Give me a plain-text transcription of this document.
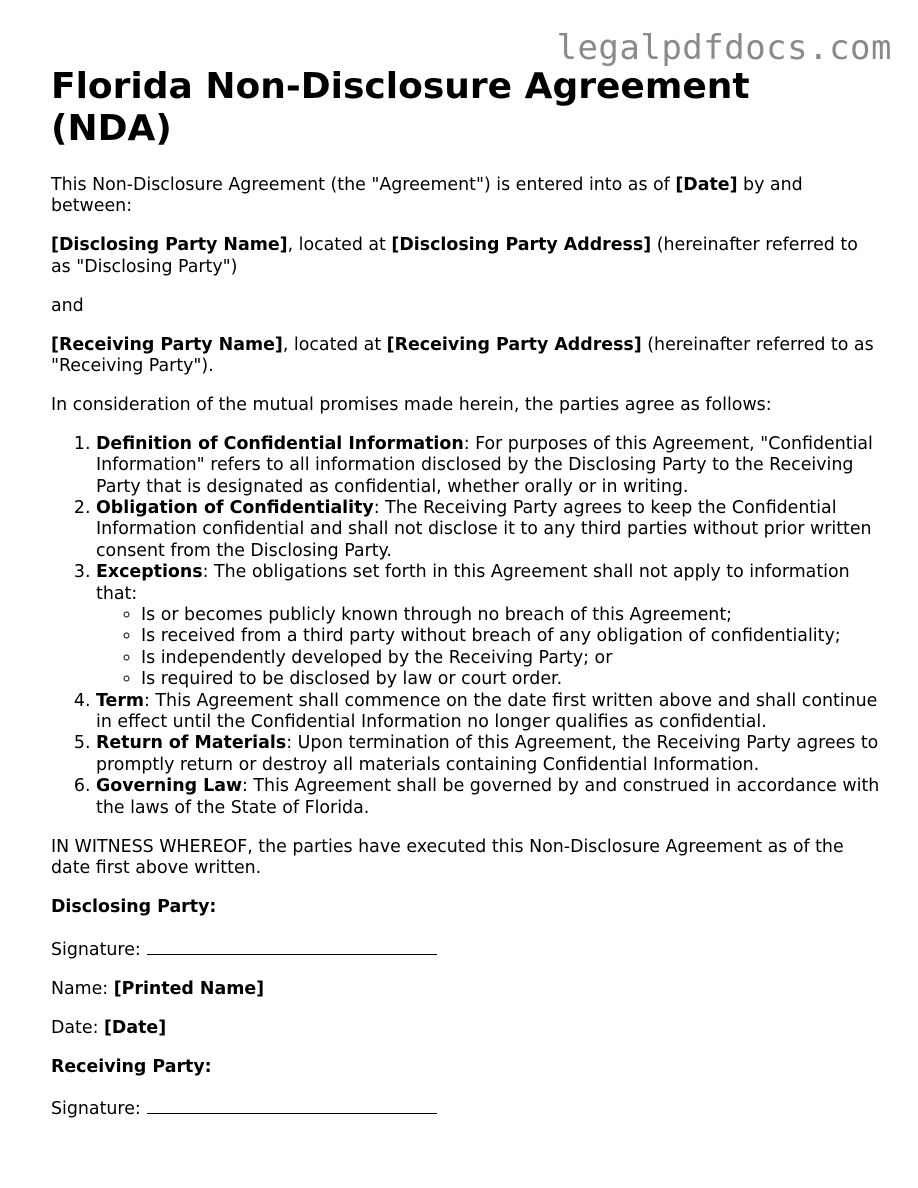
legalpdfdocs.com
Florida Non-Disclosure Agreement (NDA)

This Non-Disclosure Agreement (the "Agreement") is entered into as of [Date] by and between:

[Disclosing Party Name], located at [Disclosing Party Address] (hereinafter referred to as "Disclosing Party")

and

[Receiving Party Name], located at [Receiving Party Address] (hereinafter referred to as "Receiving Party").

In consideration of the mutual promises made herein, the parties agree as follows:

1. Definition of Confidential Information: For purposes of this Agreement, "Confidential Information" refers to all information disclosed by the Disclosing Party to the Receiving Party that is designated as confidential, whether orally or in writing.
2. Obligation of Confidentiality: The Receiving Party agrees to keep the Confidential Information confidential and shall not disclose it to any third parties without prior written consent from the Disclosing Party.
3. Exceptions: The obligations set forth in this Agreement shall not apply to information that:
◦ Is or becomes publicly known through no breach of this Agreement;
◦ Is received from a third party without breach of any obligation of confidentiality;
◦ Is independently developed by the Receiving Party; or
◦ Is required to be disclosed by law or court order.
4. Term: This Agreement shall commence on the date first written above and shall continue in effect until the Confidential Information no longer qualifies as confidential.
5. Return of Materials: Upon termination of this Agreement, the Receiving Party agrees to promptly return or destroy all materials containing Confidential Information.
6. Governing Law: This Agreement shall be governed by and construed in accordance with the laws of the State of Florida.

IN WITNESS WHEREOF, the parties have executed this Non-Disclosure Agreement as of the date first above written.

Disclosing Party:

Signature:

Name: [Printed Name]

Date: [Date]

Receiving Party:

Signature:
